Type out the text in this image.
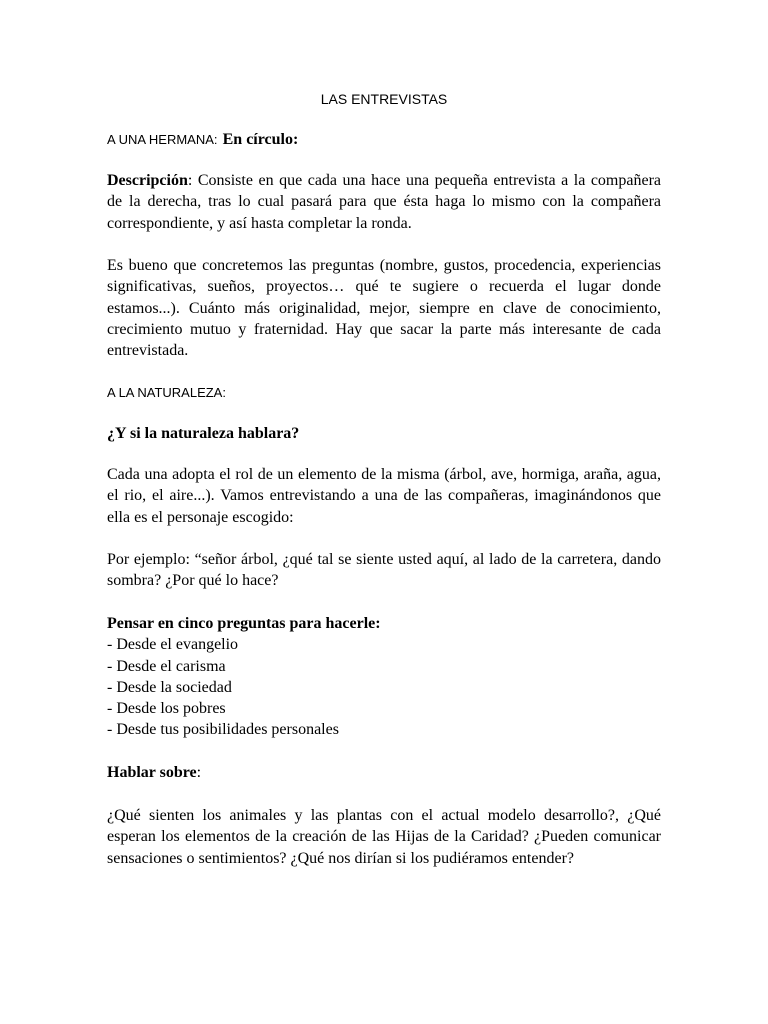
LAS ENTREVISTAS
A UNA HERMANA: En círculo:
Descripción: Consiste en que cada una hace una pequeña entrevista a la compañera de la derecha, tras lo cual pasará para que ésta haga lo mismo con la compañera correspondiente, y así hasta completar la ronda.
Es bueno que concretemos las preguntas (nombre, gustos, procedencia, experiencias significativas, sueños, proyectos… qué te sugiere o recuerda el lugar donde estamos...). Cuánto más originalidad, mejor, siempre en clave de conocimiento, crecimiento mutuo y fraternidad. Hay que sacar la parte más interesante de cada entrevistada.
A LA NATURALEZA:
¿Y si la naturaleza hablara?
Cada una adopta el rol de un elemento de la misma (árbol, ave, hormiga, araña, agua, el rio, el aire...). Vamos entrevistando a una de las compañeras, imaginándonos que ella es el personaje escogido:
Por ejemplo: “señor árbol, ¿qué tal se siente usted aquí, al lado de la carretera, dando sombra? ¿Por qué lo hace?
Pensar en cinco preguntas para hacerle:
- Desde el evangelio
- Desde el carisma
- Desde la sociedad
- Desde los pobres
- Desde tus posibilidades personales
Hablar sobre:
¿Qué sienten los animales y las plantas con el actual modelo desarrollo?, ¿Qué esperan los elementos de la creación de las Hijas de la Caridad? ¿Pueden comunicar sensaciones o sentimientos? ¿Qué nos dirían si los pudiéramos entender?
